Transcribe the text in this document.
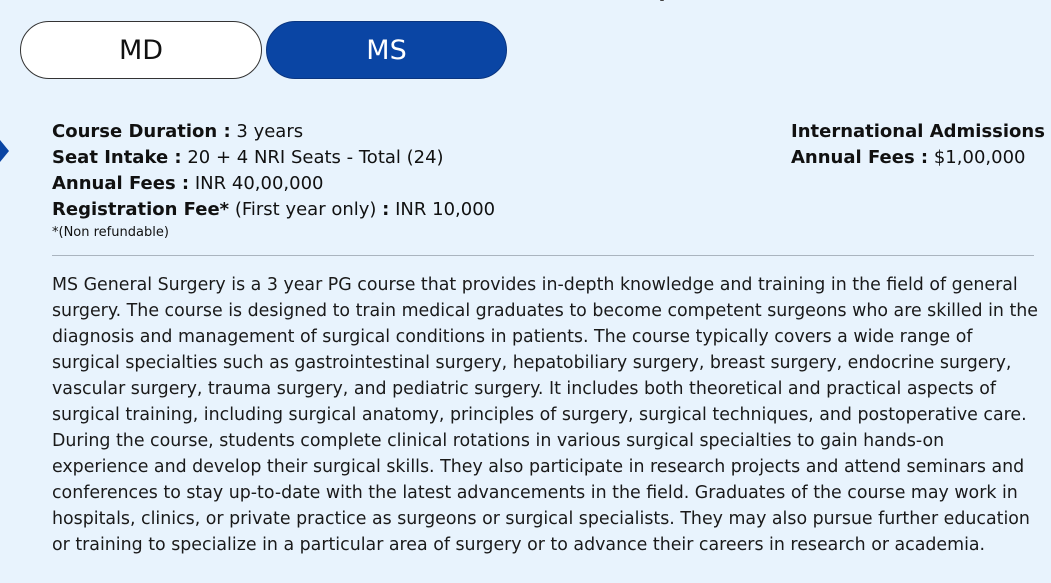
MD	MS
Course Duration : 3 years
Seat Intake : 20 + 4 NRI Seats - Total (24)
Annual Fees : INR 40,00,000
Registration Fee* (First year only) : INR 10,000
*(Non refundable)
International Admissions
Annual Fees : $1,00,000
MS General Surgery is a 3 year PG course that provides in-depth knowledge and training in the field of general surgery. The course is designed to train medical graduates to become competent surgeons who are skilled in the diagnosis and management of surgical conditions in patients. The course typically covers a wide range of surgical specialties such as gastrointestinal surgery, hepatobiliary surgery, breast surgery, endocrine surgery, vascular surgery, trauma surgery, and pediatric surgery. It includes both theoretical and practical aspects of surgical training, including surgical anatomy, principles of surgery, surgical techniques, and postoperative care. During the course, students complete clinical rotations in various surgical specialties to gain hands-on experience and develop their surgical skills. They also participate in research projects and attend seminars and conferences to stay up-to-date with the latest advancements in the field. Graduates of the course may work in hospitals, clinics, or private practice as surgeons or surgical specialists. They may also pursue further education or training to specialize in a particular area of surgery or to advance their careers in research or academia.
